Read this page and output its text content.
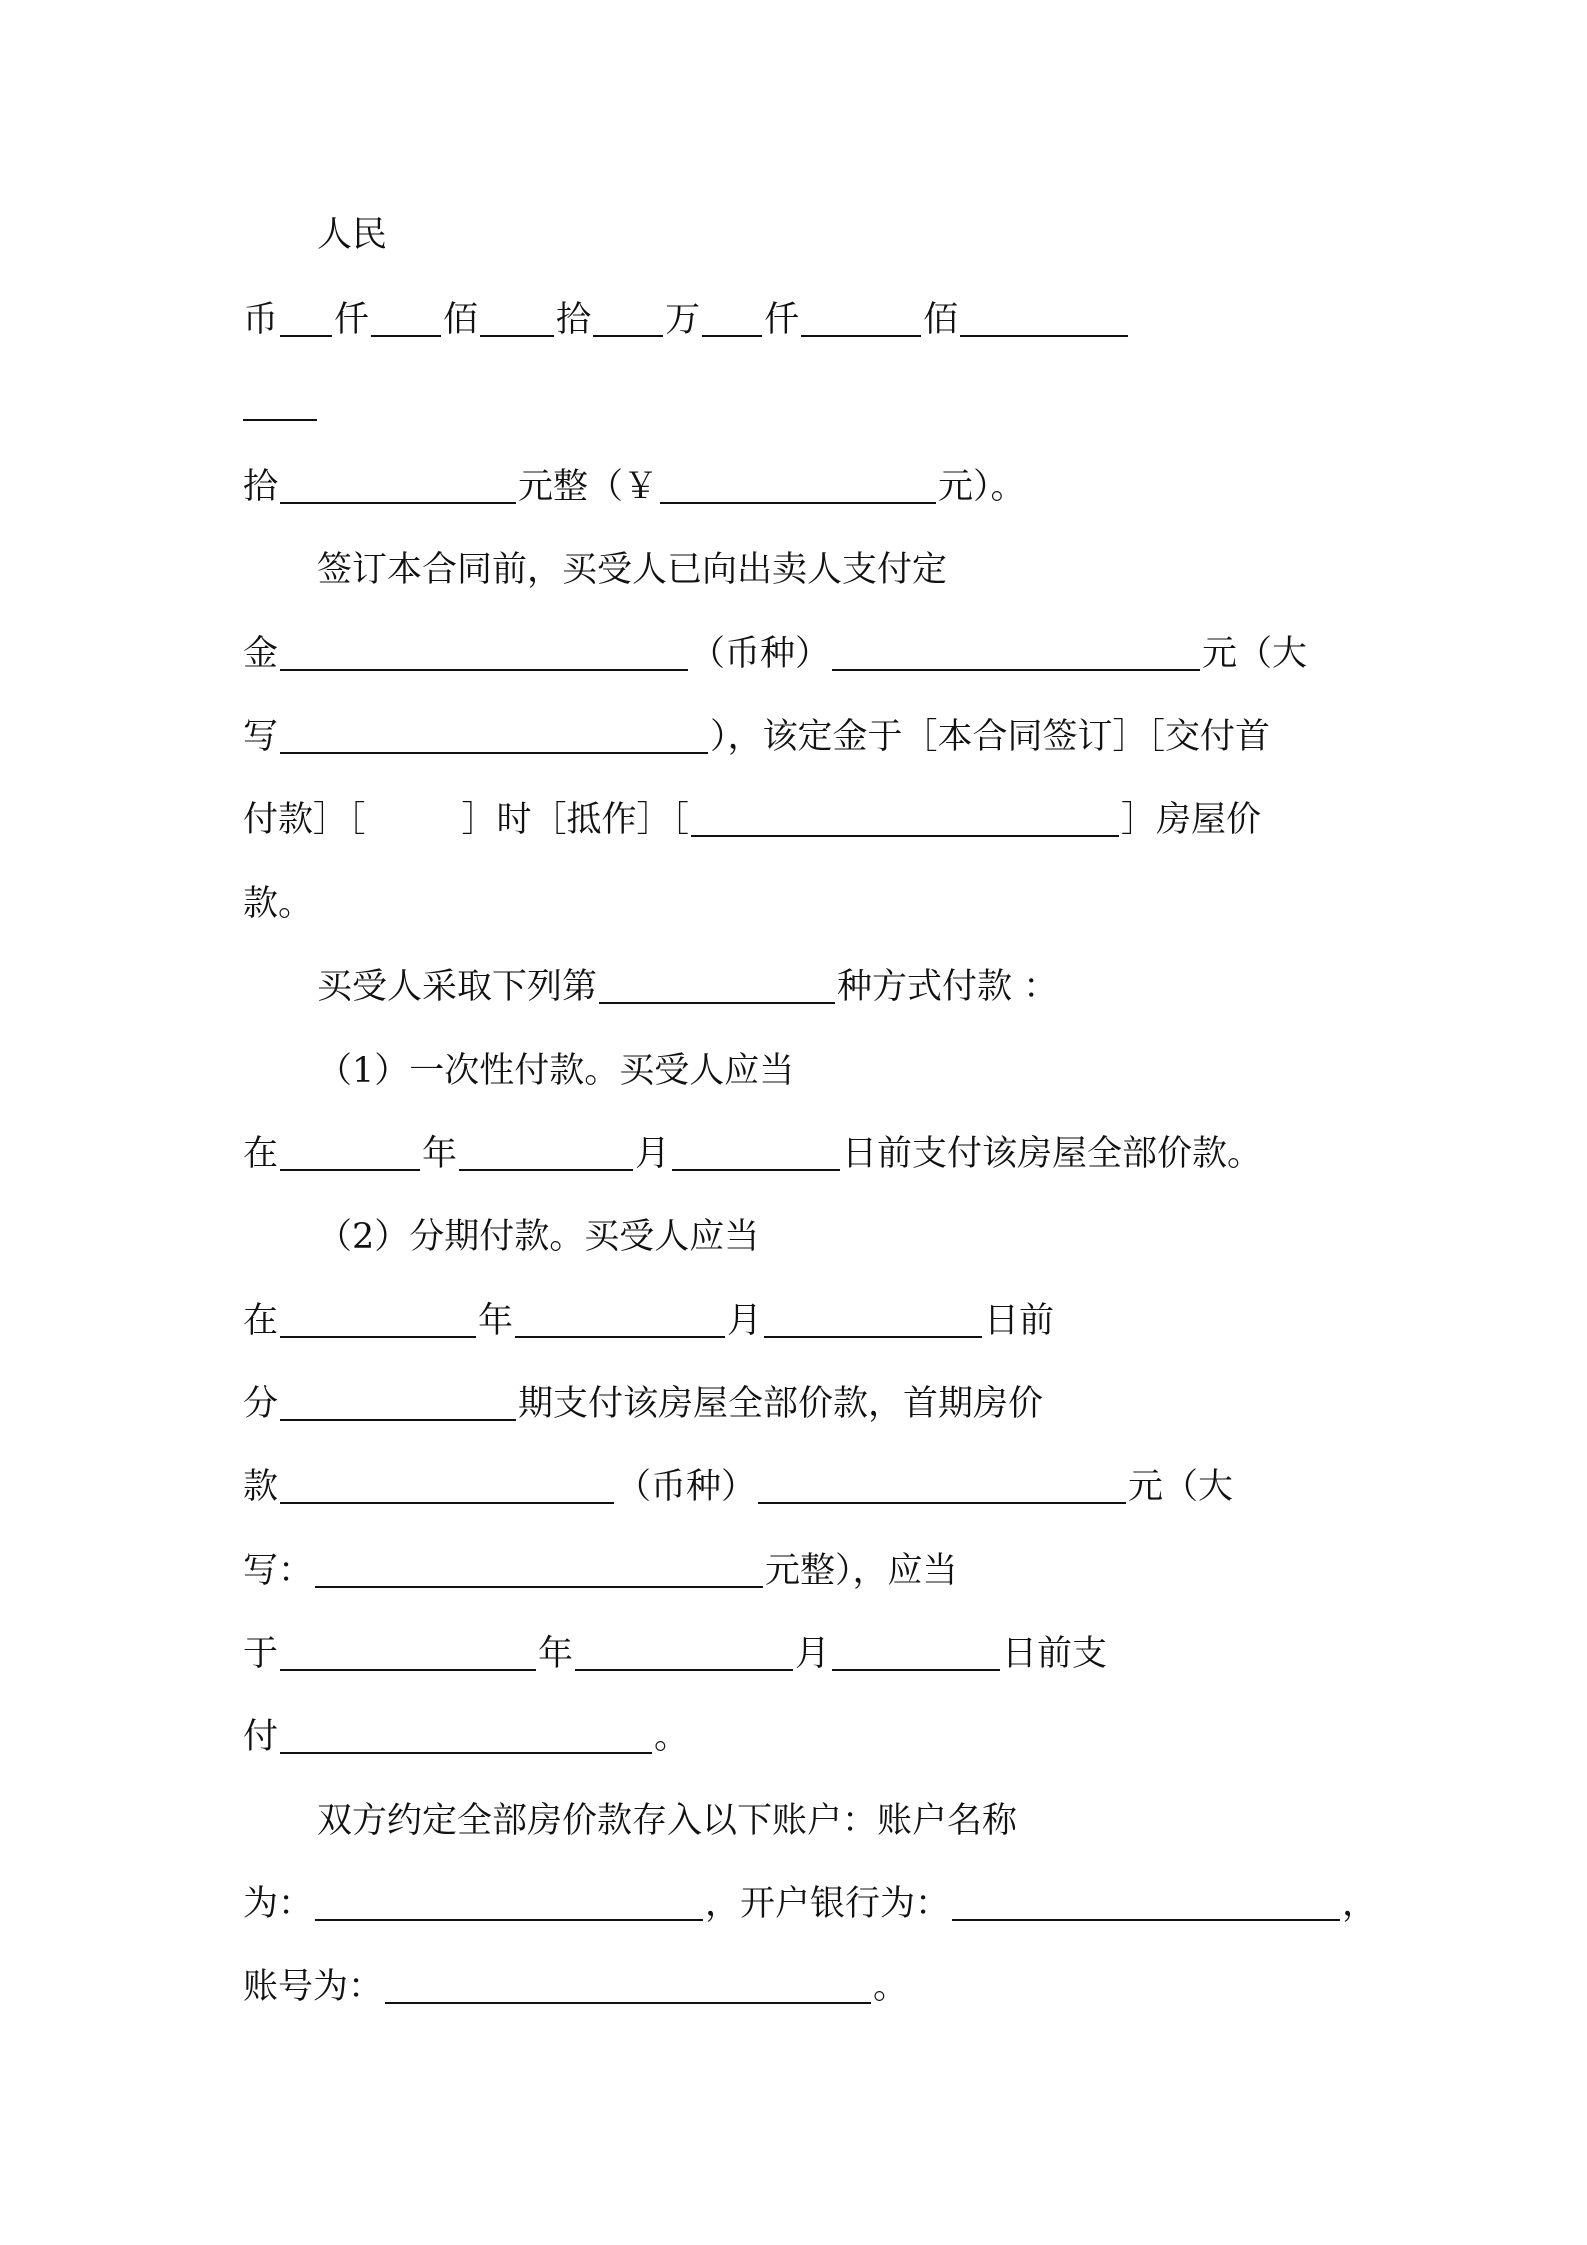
人民
币 仟 佰 拾 万 仟	佰
拾	元整（￥	元）。
签订本合同前，买受人已向出卖人支付定
金	（币种）	元（大
写	），该定金于［本合同签订］［交付首
付款］［	］时［抵作］［	］房屋价
款。
买受人采取下列第	种方式付款 ：
（1）一次性付款。买受人应当
在	年	月	日前支付该房屋全部价款。
（2）分期付款。买受人应当
在	年	月	日前
分	期支付该房屋全部价款，首期房价
款	（币种）	元（大
写：	元整），应当
于	年	月	日前支
付	。
双方约定全部房价款存入以下账户：账户名称
为：	，开户银行为：	，
账号为：	。
